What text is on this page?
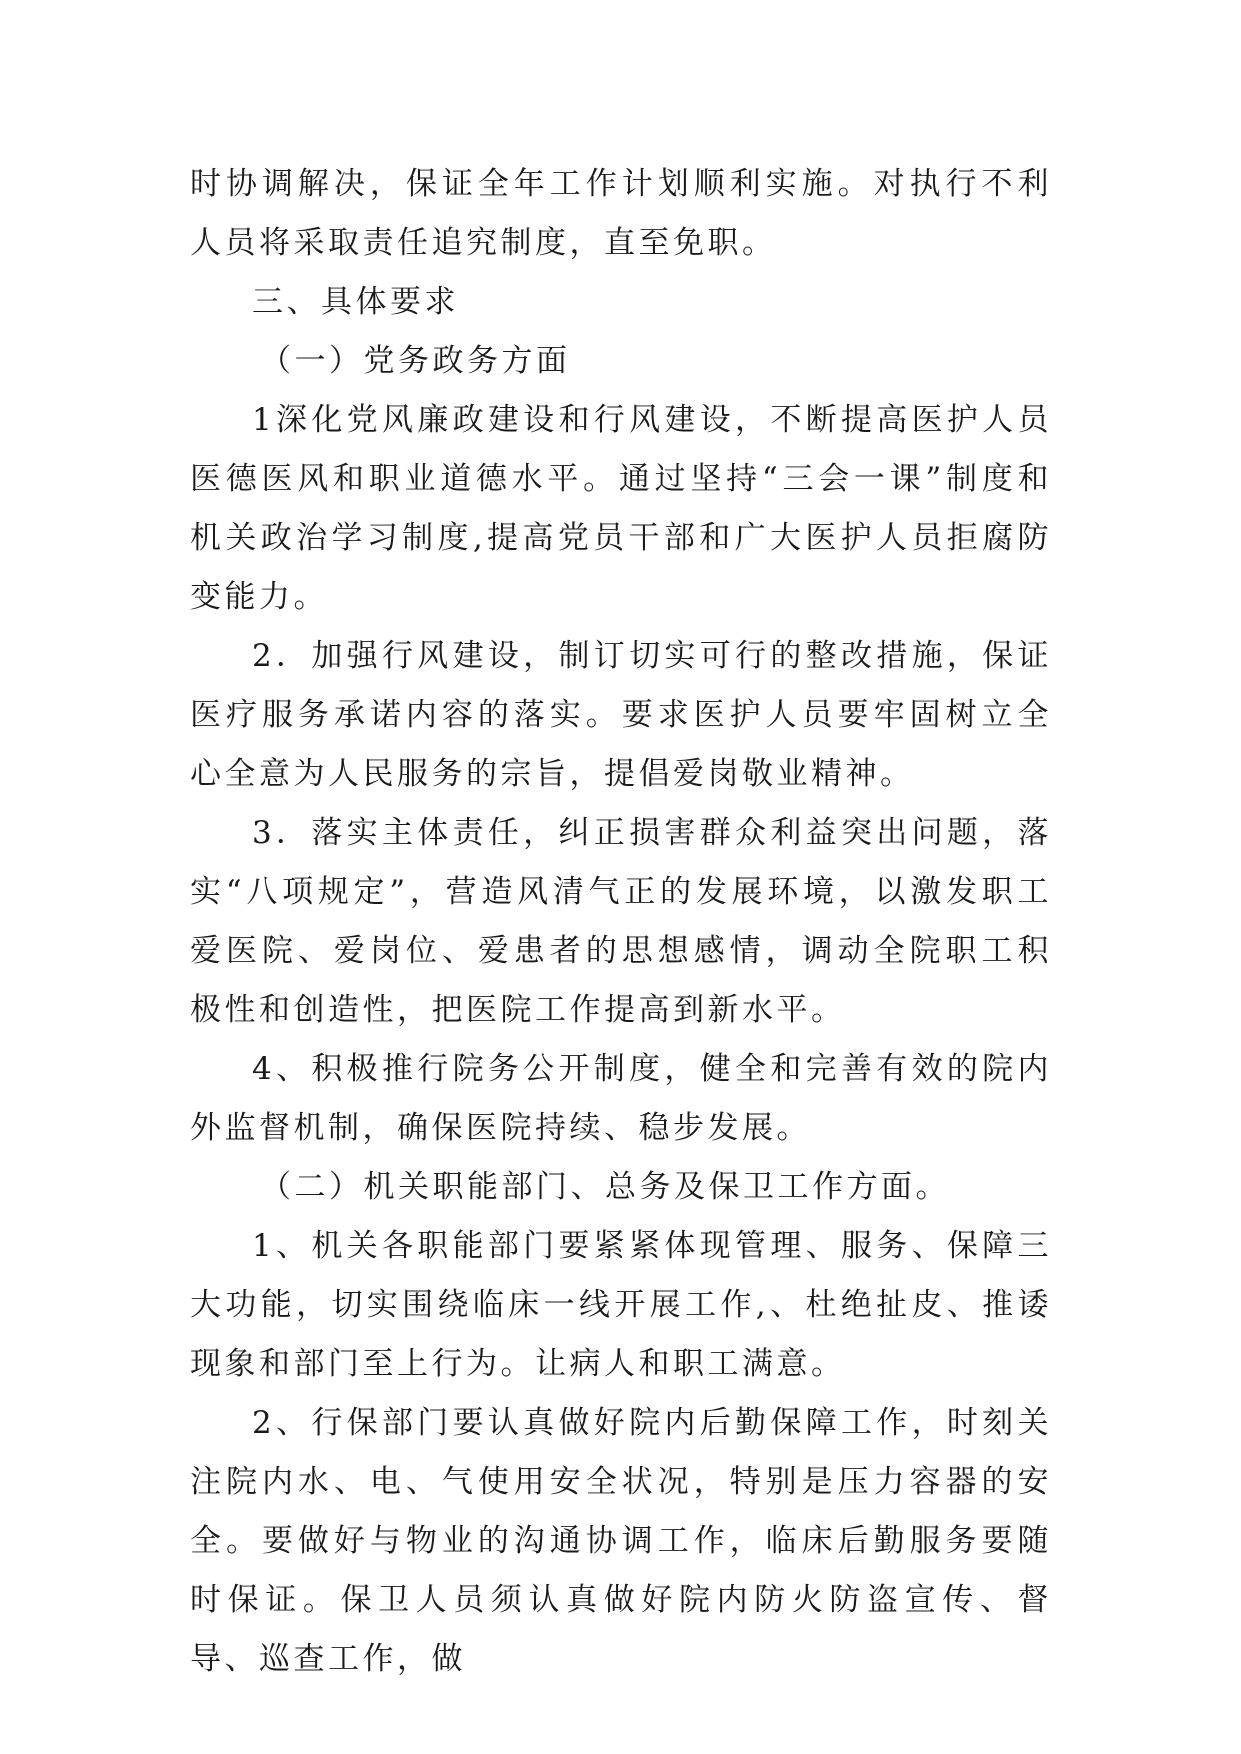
时协调解决，保证全年工作计划顺利实施。对执行不利人员将采取责任追究制度，直至免职。

三、具体要求

（一）党务政务方面

1深化党风廉政建设和行风建设，不断提高医护人员医德医风和职业道德水平。通过坚持“三会一课”制度和机关政治学习制度,提高党员干部和广大医护人员拒腐防变能力。

2．加强行风建设，制订切实可行的整改措施，保证医疗服务承诺内容的落实。要求医护人员要牢固树立全心全意为人民服务的宗旨，提倡爱岗敬业精神。

3．落实主体责任，纠正损害群众利益突出问题，落实“八项规定”，营造风清气正的发展环境，以激发职工爱医院、爱岗位、爱患者的思想感情，调动全院职工积极性和创造性，把医院工作提高到新水平。

4、积极推行院务公开制度，健全和完善有效的院内外监督机制，确保医院持续、稳步发展。

（二）机关职能部门、总务及保卫工作方面。

1、机关各职能部门要紧紧体现管理、服务、保障三大功能，切实围绕临床一线开展工作,、杜绝扯皮、推诿现象和部门至上行为。让病人和职工满意。

2、行保部门要认真做好院内后勤保障工作，时刻关注院内水、电、气使用安全状况，特别是压力容器的安全。要做好与物业的沟通协调工作，临床后勤服务要随时保证。保卫人员须认真做好院内防火防盗宣传、督导、巡查工作，做
